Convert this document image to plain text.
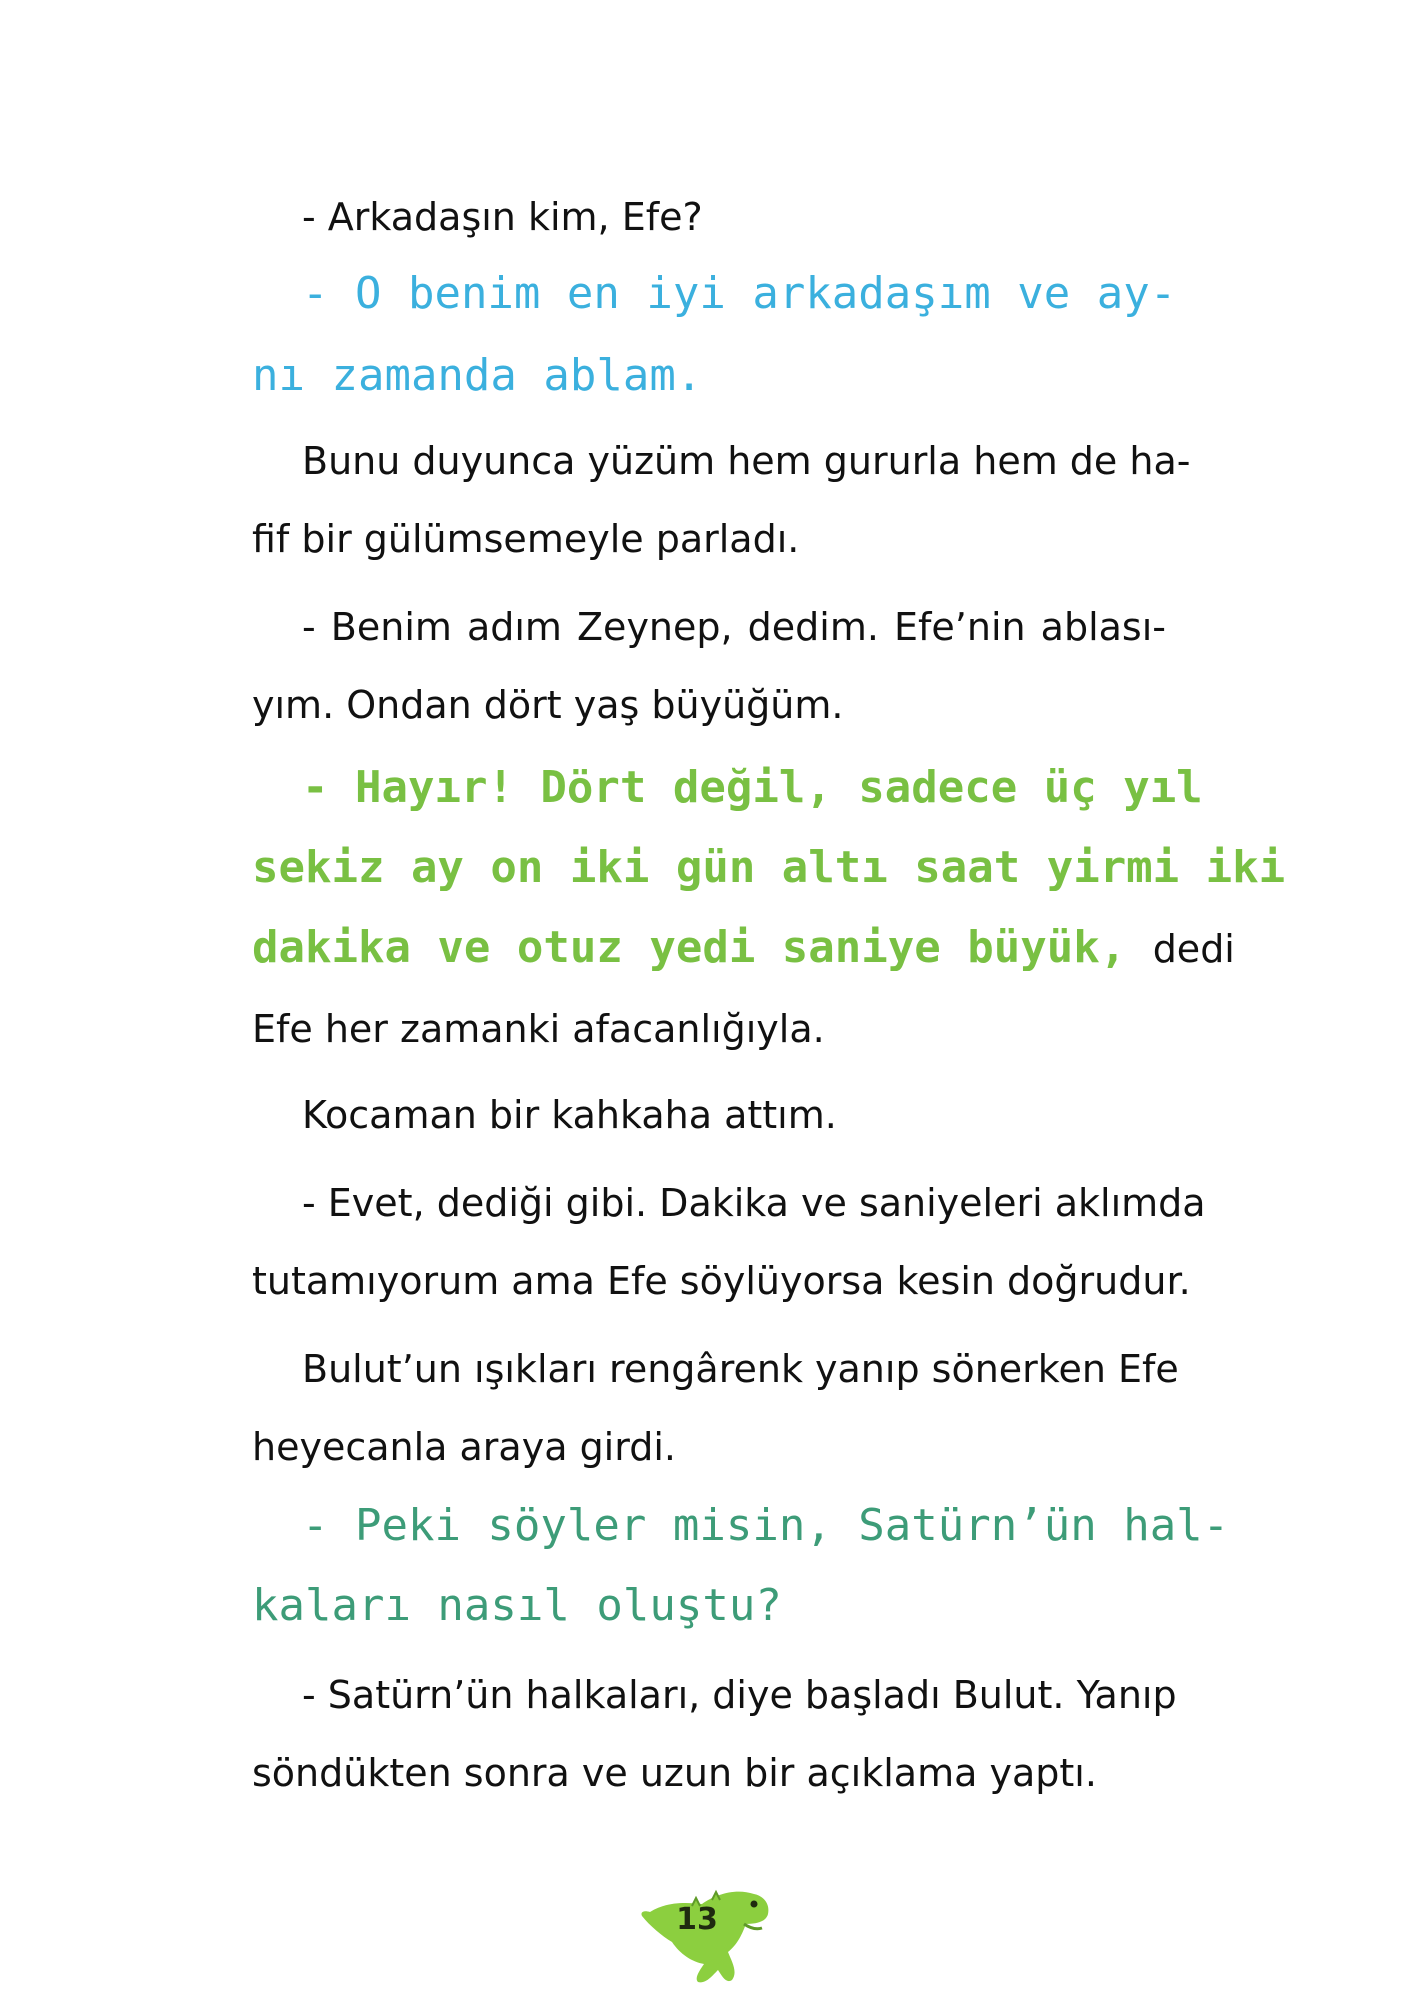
- Arkadaşın kim, Efe?
- O benim en iyi arkadaşım ve ay-
nı zamanda ablam.
Bunu duyunca yüzüm hem gururla hem de ha-
fif bir gülümsemeyle parladı.
- Benim adım Zeynep, dedim. Efe’nin ablası-
yım. Ondan dört yaş büyüğüm.
- Hayır! Dört değil, sadece üç yıl
sekiz ay on iki gün altı saat yirmi iki
dakika ve otuz yedi saniye büyük, dedi
Efe her zamanki afacanlığıyla.
Kocaman bir kahkaha attım.
- Evet, dediği gibi. Dakika ve saniyeleri aklımda
tutamıyorum ama Efe söylüyorsa kesin doğrudur.
Bulut’un ışıkları rengârenk yanıp sönerken Efe
heyecanla araya girdi.
- Peki söyler misin, Satürn’ün hal-
kaları nasıl oluştu?
- Satürn’ün halkaları, diye başladı Bulut. Yanıp
söndükten sonra ve uzun bir açıklama yaptı.
13
